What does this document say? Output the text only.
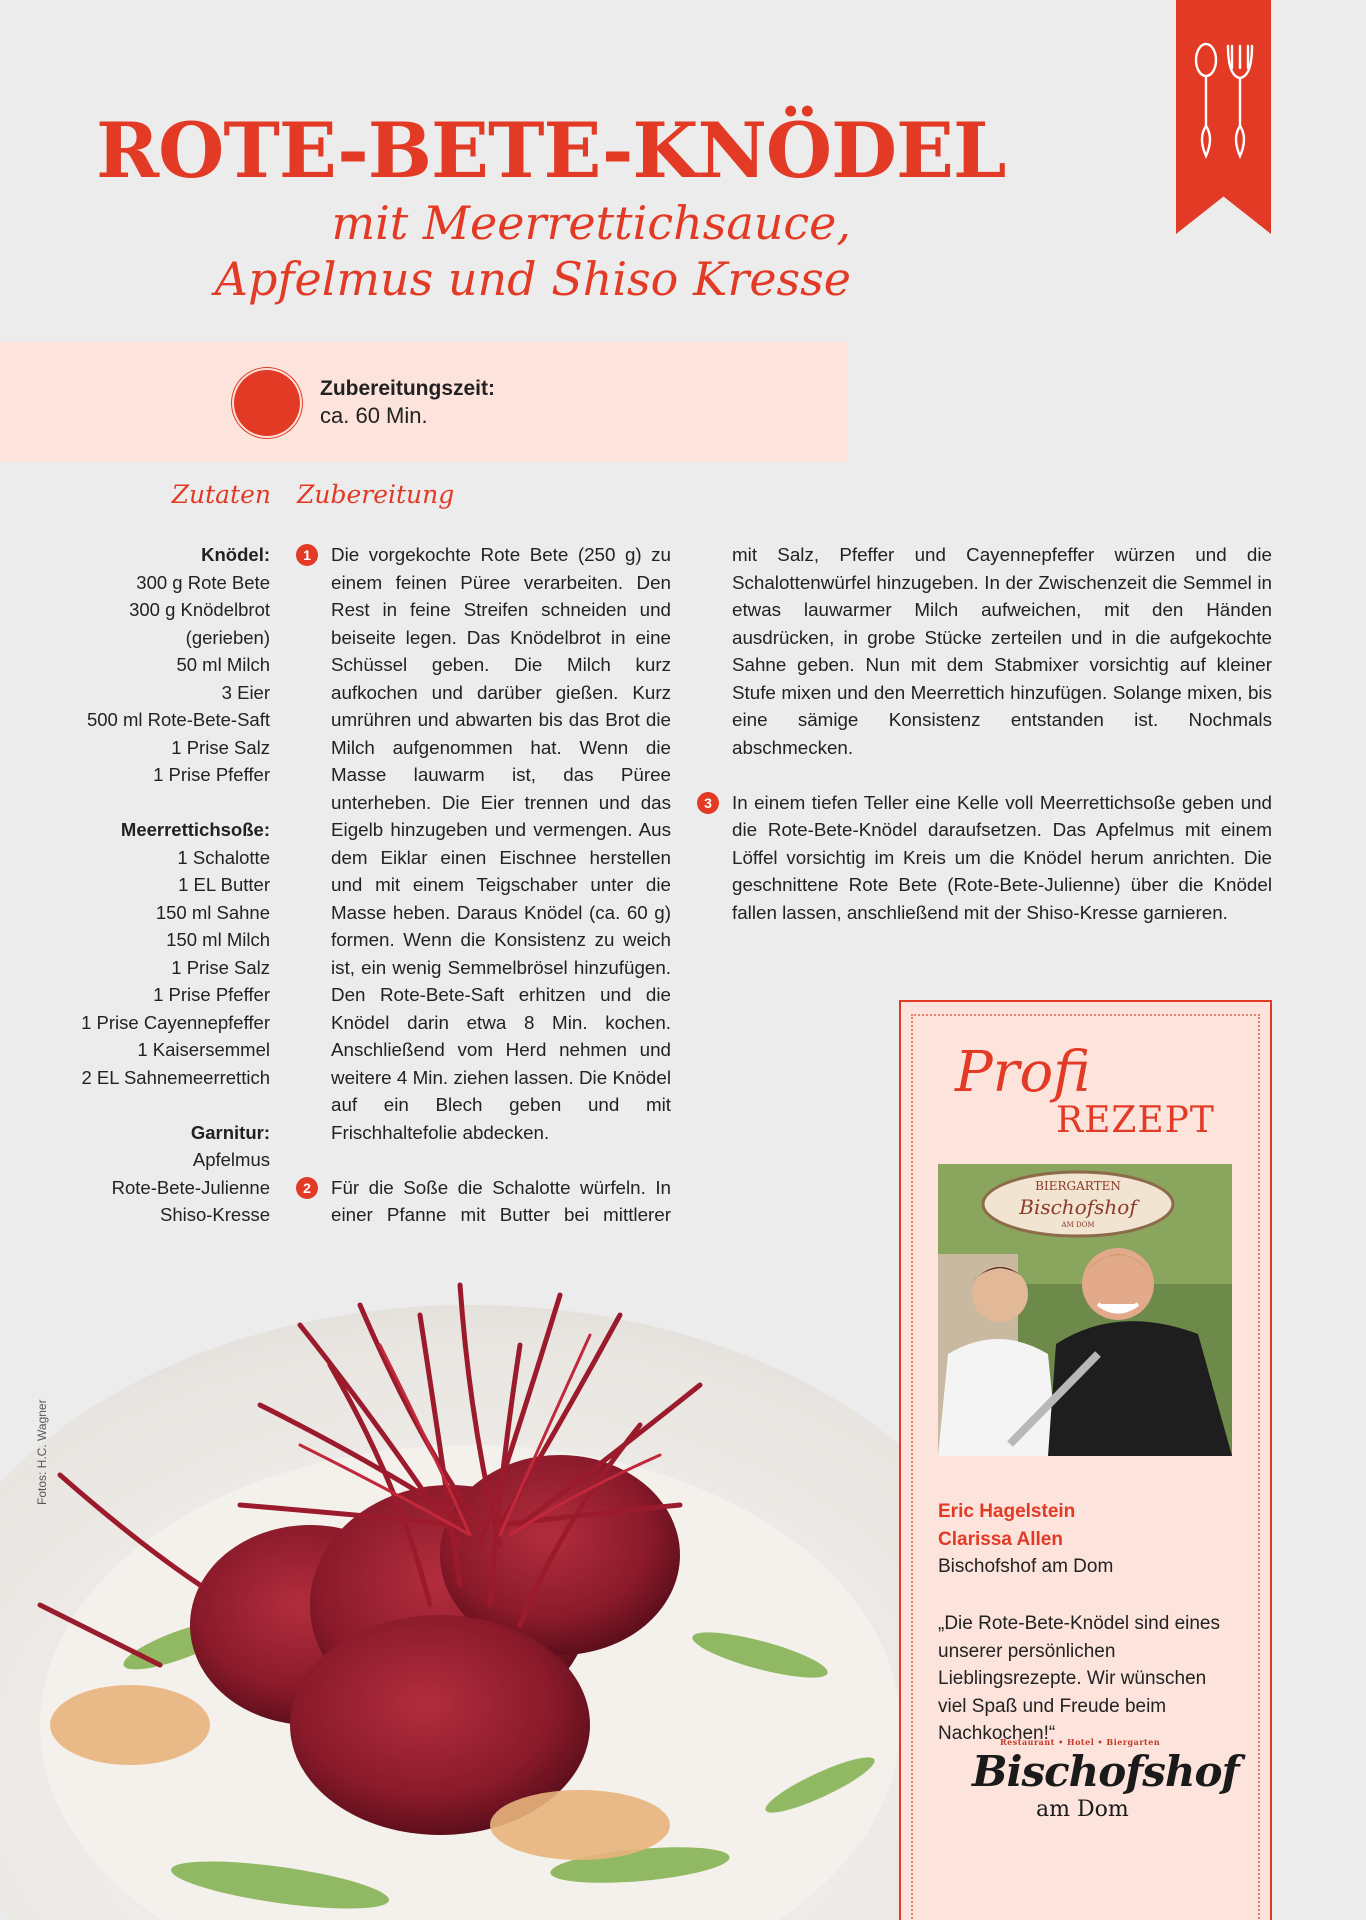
ROTE-BETE-KNÖDEL
mit Meerrettichsauce,
Apfelmus und Shiso Kresse
Zubereitungszeit:
ca. 60 Min.
Zutaten Zubereitung
Knödel:
300 g Rote Bete
300 g Knödelbrot
(gerieben)
50 ml Milch
3 Eier
500 ml Rote-Bete-Saft
1 Prise Salz
1 Prise Pfeffer
Meerrettichsoße:
1 Schalotte
1 EL Butter
150 ml Sahne
150 ml Milch
1 Prise Salz
1 Prise Pfeffer
1 Prise Cayennepfeffer
1 Kaisersemmel
2 EL Sahnemeerrettich
Garnitur:
Apfelmus
Rote-Bete-Julienne
Shiso-Kresse
1	Die vorgekochte Rote Bete (250 g) zu einem feinen Püree verarbeiten. Den Rest in feine Streifen schneiden und beiseite legen. Das Knödelbrot in eine Schüssel geben. Die Milch kurz aufkochen und darüber gießen. Kurz umrühren und abwarten bis das Brot die Milch aufgenommen hat. Wenn die Masse lauwarm ist, das Püree unterheben. Die Eier trennen und das Eigelb hinzugeben und vermengen. Aus dem Eiklar einen Eischnee herstellen und mit einem Teigschaber unter die Masse heben. Daraus Knödel (ca. 60 g) formen. Wenn die Konsistenz zu weich ist, ein wenig Semmelbrösel hinzufügen. Den Rote-Bete-Saft erhitzen und die Knödel darin etwa 8 Min. kochen. Anschließend vom Herd nehmen und weitere 4 Min. ziehen lassen. Die Knödel auf ein Blech geben und mit Frischhaltefolie abdecken.

2	Für die Soße die Schalotte würfeln. In einer Pfanne mit Butter bei mittlerer

mit Salz, Pfeffer und Cayennepfeffer würzen und die Schalottenwürfel hinzugeben. In der Zwischenzeit die Semmel in etwas lauwarmer Milch aufweichen, mit den Händen ausdrücken, in grobe Stücke zerteilen und in die aufgekochte Sahne geben. Nun mit dem Stabmixer vorsichtig auf kleiner Stufe mixen und den Meerrettich hinzufügen. Solange mixen, bis eine sämige Konsistenz entstanden ist. Nochmals abschmecken.

3	In einem tiefen Teller eine Kelle voll Meerrettichsoße geben und die Rote-Bete-Knödel daraufsetzen. Das Apfelmus mit einem Löffel vorsichtig im Kreis um die Knödel herum anrichten. Die geschnittene Rote Bete (Rote-Bete-Julienne) über die Knödel fallen lassen, anschließend mit der Shiso-Kresse garnieren.

Fotos: H.C. Wagner
Profi
REZEPT
BIERGARTEN
Bischofshof
AM DOM
Eric Hagelstein
Clarissa Allen
Bischofshof am Dom
„Die Rote-Bete-Knödel sind eines unserer persönlichen Lieblingsrezepte. Wir wünschen viel Spaß und Freude beim Nachkochen!“
Restaurant • Hotel • Biergarten
Bischofshof
am Dom
